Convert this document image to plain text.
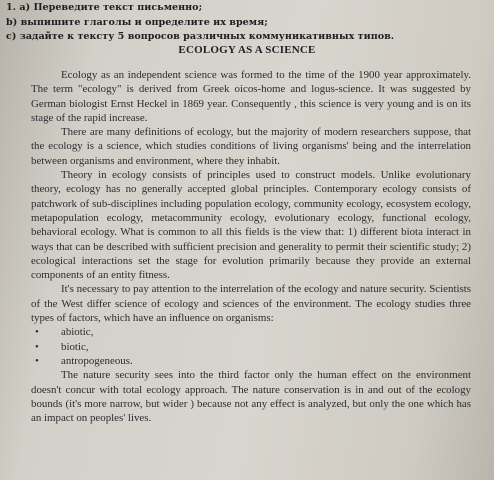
1. a) Переведите текст письменно;
b) выпишите глаголы и определите их время;
c) задайте к тексту 5 вопросов различных коммуникативных типов.
ECOLOGY AS A SCIENCE

Ecology as an independent science was formed to the time of the 1900 year approximately. The term "ecology" is derived from Greek oicos-home and logus-science. It was suggested by German biologist Ernst Heckel in 1869 year. Consequently , this science is very young and is on its stage of the rapid increase.

There are many definitions of ecology, but the majority of modern researchers suppose, that the ecology is a science, which studies conditions of living organisms' being and the interrelation between organisms and environment, where they inhabit.

Theory in ecology consists of principles used to construct models. Unlike evolutionary theory, ecology has no generally accepted global principles. Contemporary ecology consists of patchwork of sub-disciplines including population ecology, community ecology, ecosystem ecology, metapopulation ecology, metacommunity ecology, evolutionary ecology, functional ecology, behavioral ecology. What is common to all this fields is the view that: 1) different biota interact in ways that can be described with sufficient precision and generality to permit their scientific study; 2) ecological interactions set the stage for evolution primarily because they provide an external components of an entity fitness.

It's necessary to pay attention to the interrelation of the ecology and nature security. Scientists of the West differ science of ecology and sciences of the environment. The ecology studies three types of factors, which have an influence on organisms:

• abiotic,
• biotic,
• antropogeneous.

The nature security sees into the third factor only the human effect on the environment doesn't concur with total ecology approach. The nature conservation is in and out of the ecology bounds (it's more narrow, but wider ) because not any effect is analyzed, but only the one which has an impact on peoples' lives.
